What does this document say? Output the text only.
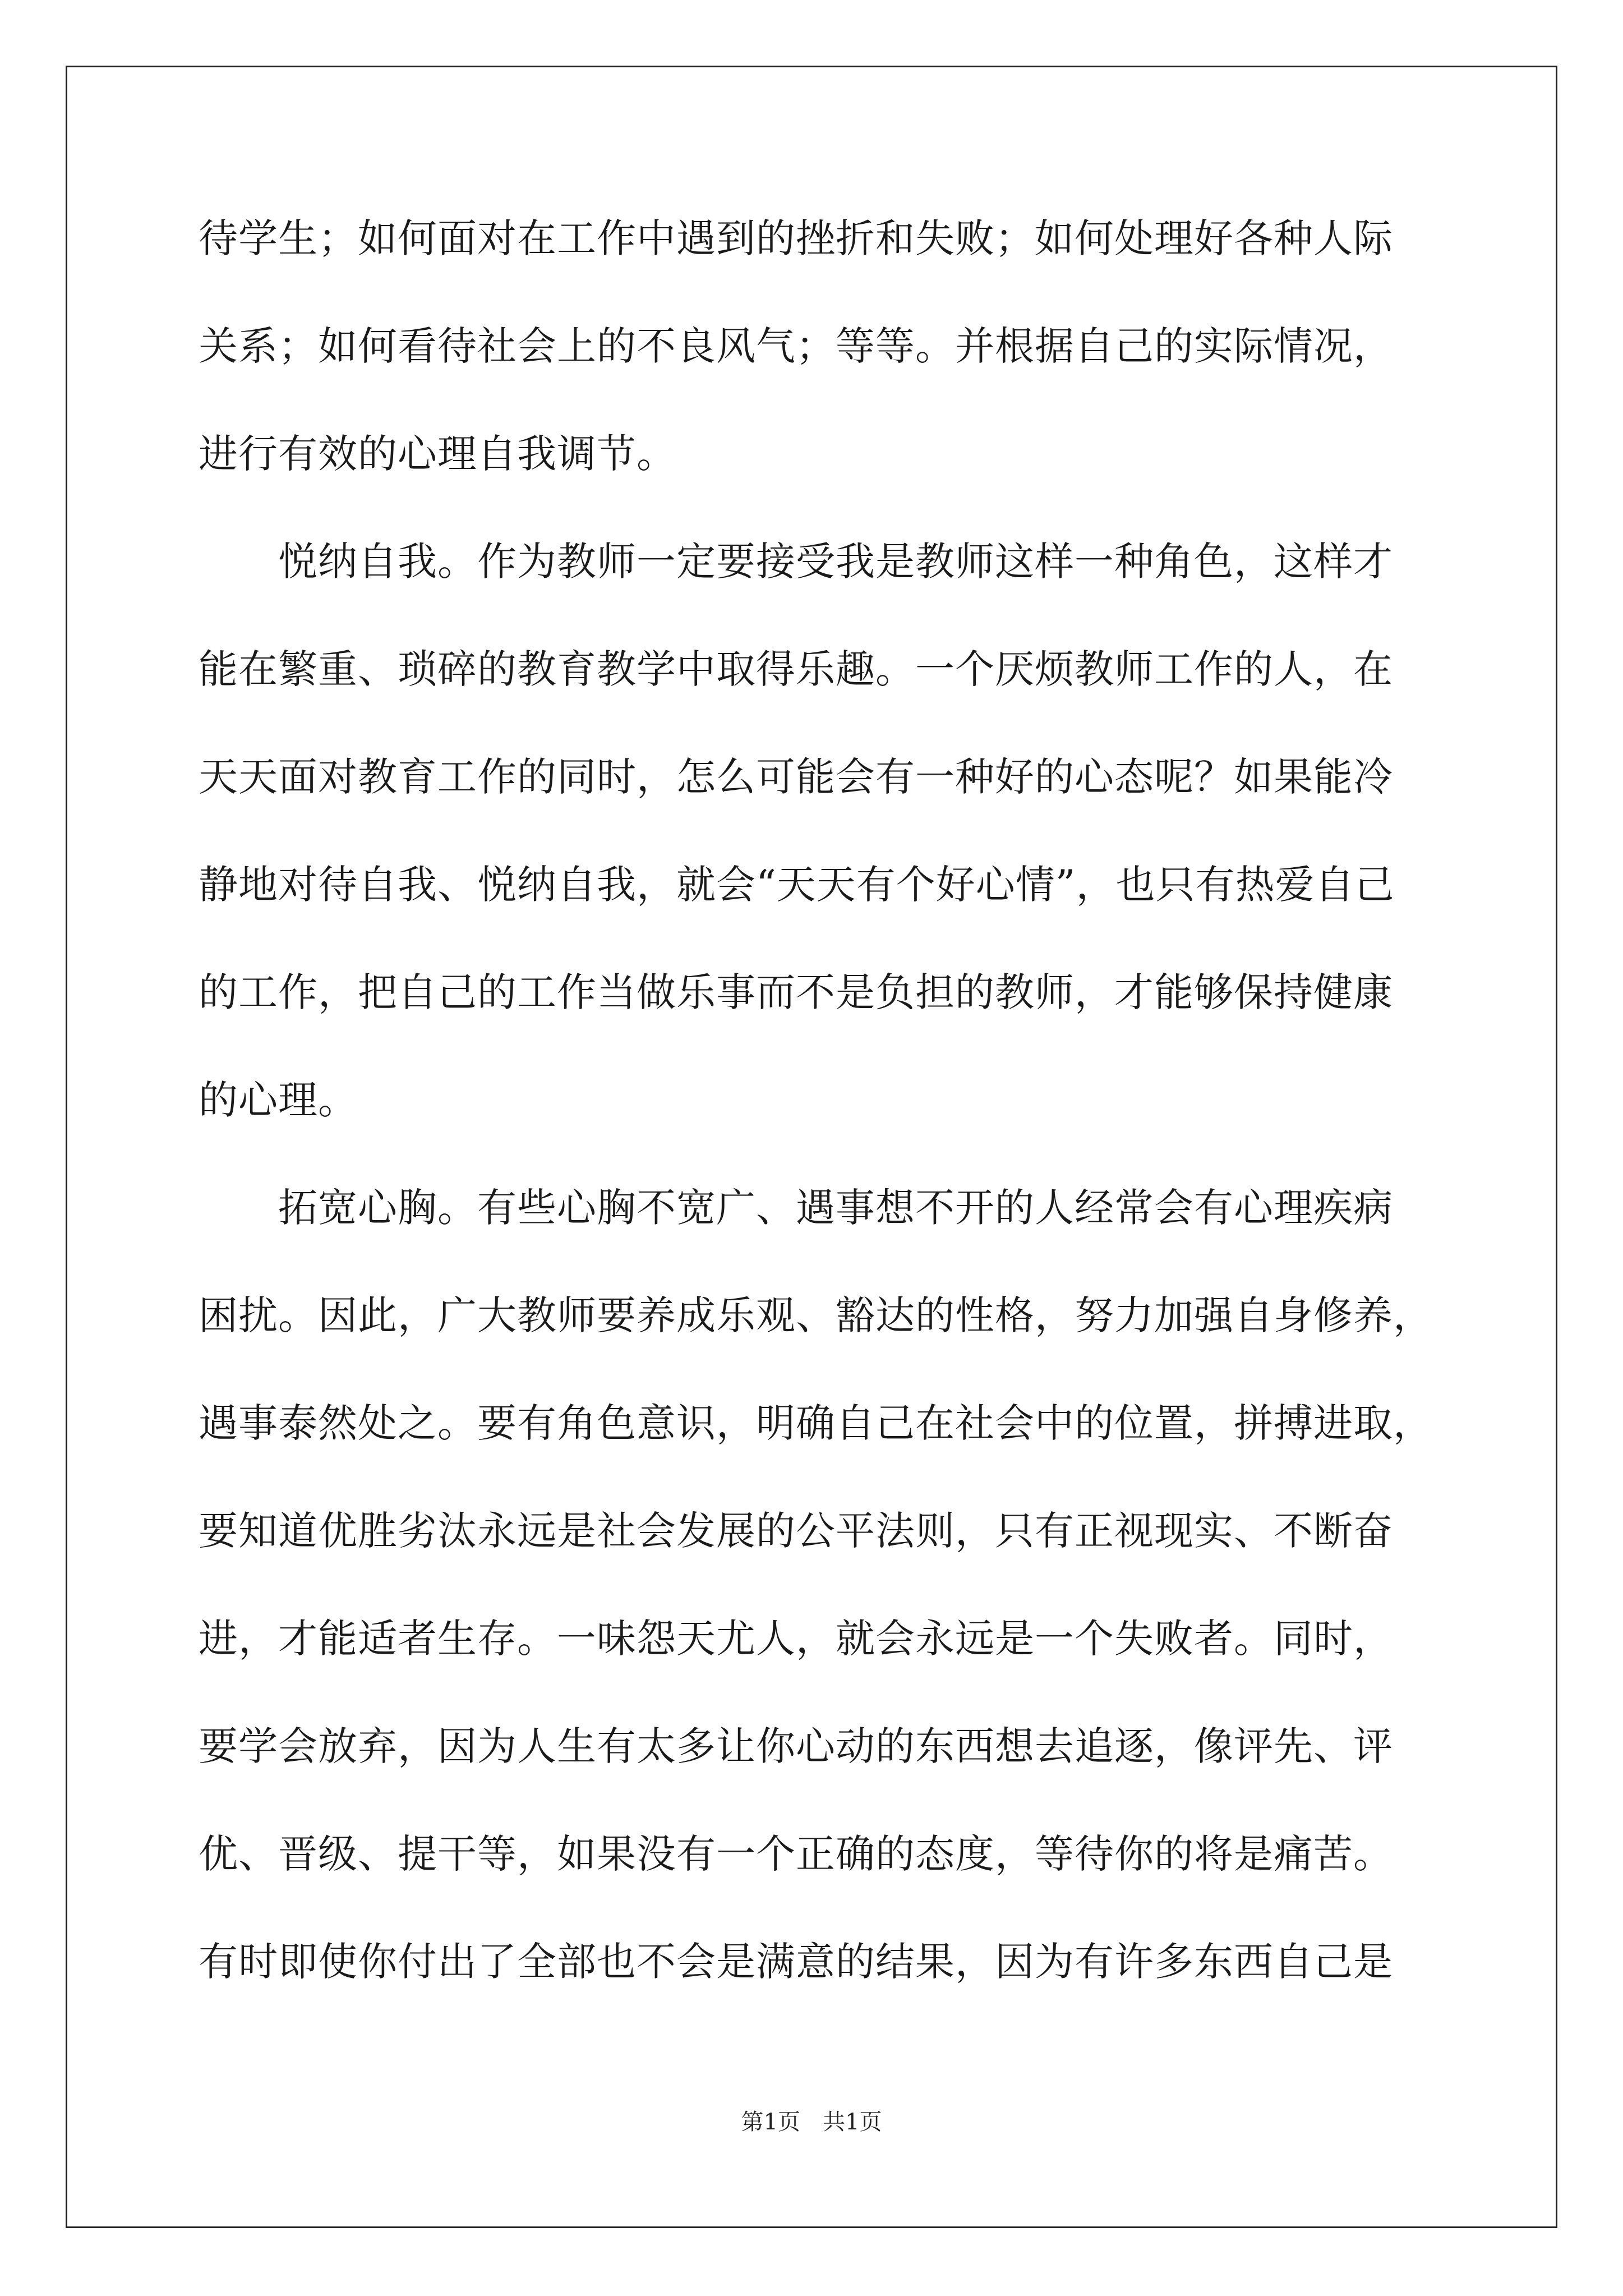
待学生；如何面对在工作中遇到的挫折和失败；如何处理好各种人际
关系；如何看待社会上的不良风气；等等。并根据自己的实际情况，
进行有效的心理自我调节。
　　悦纳自我。作为教师一定要接受我是教师这样一种角色，这样才
能在繁重、琐碎的教育教学中取得乐趣。一个厌烦教师工作的人，在
天天面对教育工作的同时，怎么可能会有一种好的心态呢？如果能冷
静地对待自我、悦纳自我，就会“天天有个好心情”，也只有热爱自己
的工作，把自己的工作当做乐事而不是负担的教师，才能够保持健康
的心理。
　　拓宽心胸。有些心胸不宽广、遇事想不开的人经常会有心理疾病
困扰。因此，广大教师要养成乐观、豁达的性格，努力加强自身修养，
遇事泰然处之。要有角色意识，明确自己在社会中的位置，拼搏进取，
要知道优胜劣汰永远是社会发展的公平法则，只有正视现实、不断奋
进，才能适者生存。一味怨天尤人，就会永远是一个失败者。同时，
要学会放弃，因为人生有太多让你心动的东西想去追逐，像评先、评
优、晋级、提干等，如果没有一个正确的态度，等待你的将是痛苦。
有时即使你付出了全部也不会是满意的结果，因为有许多东西自己是
第1页　共1页
